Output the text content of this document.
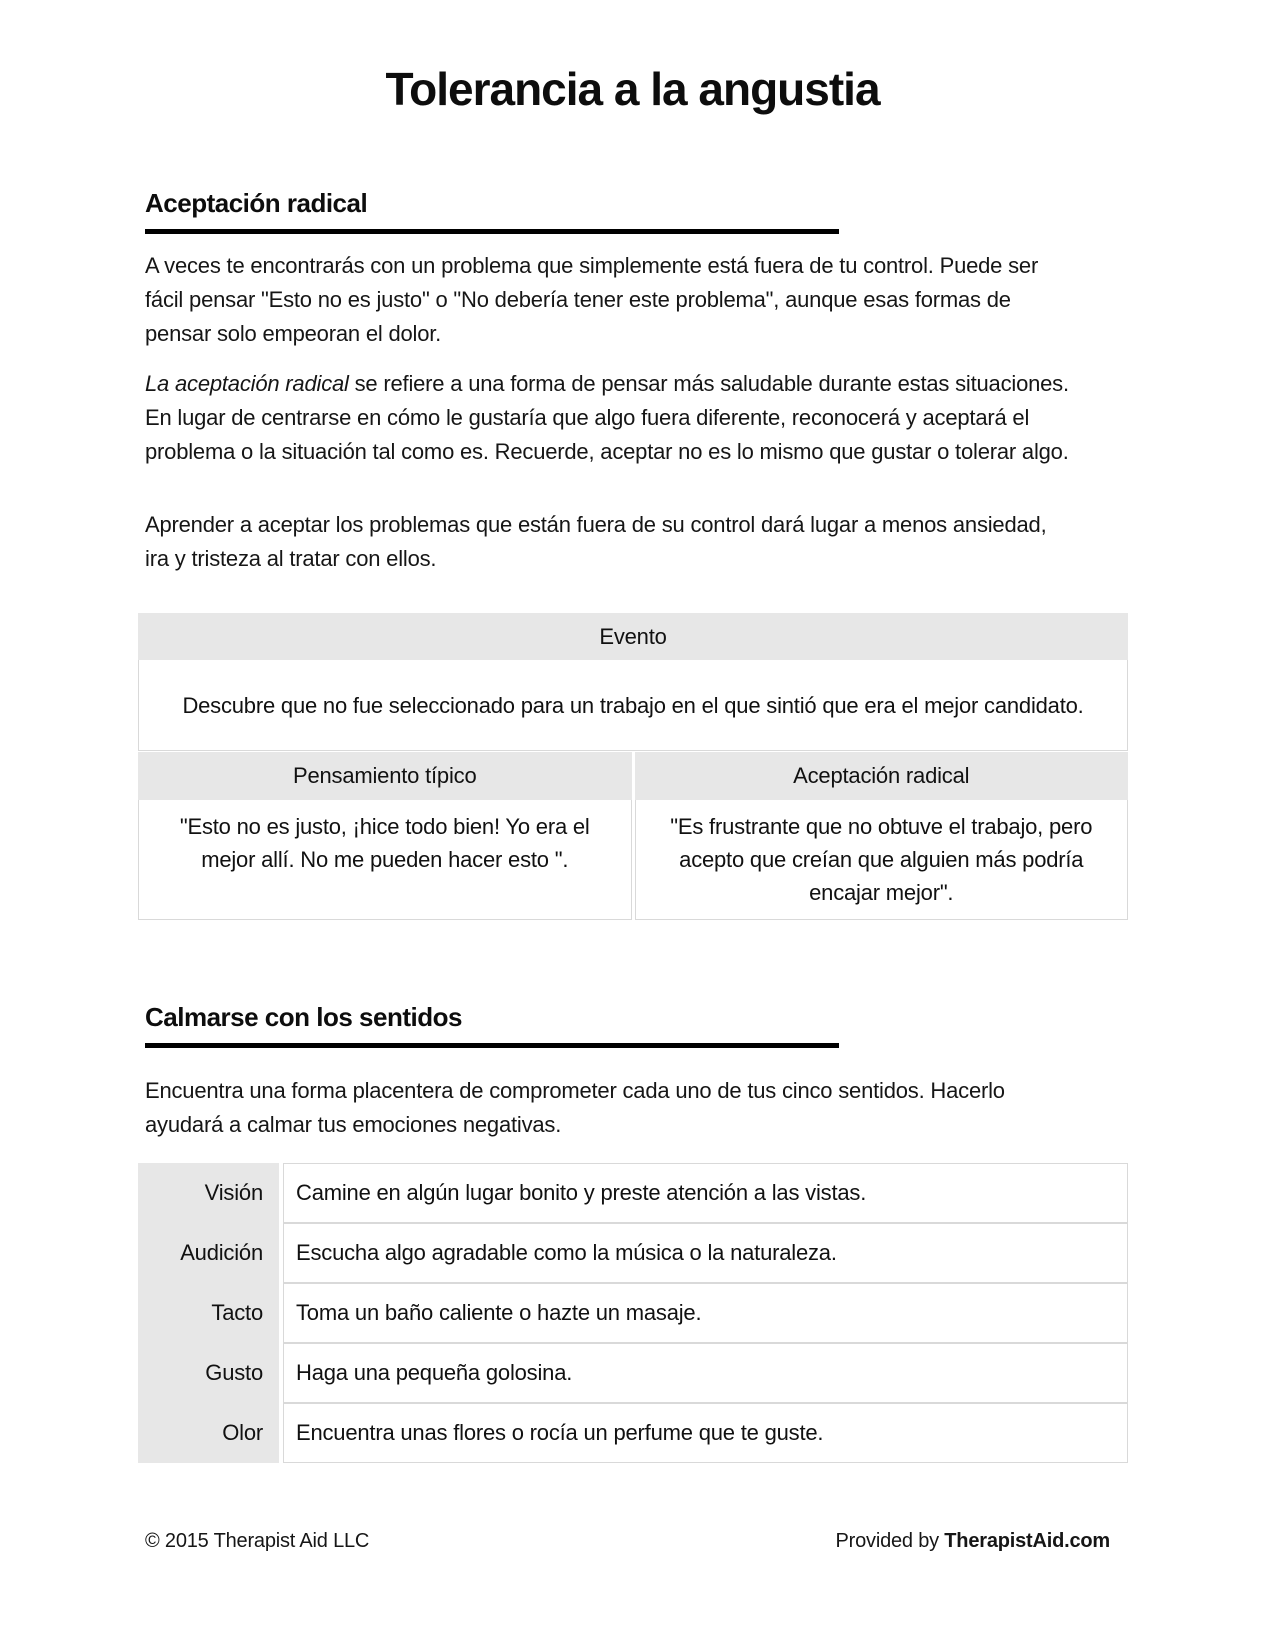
Tolerancia a la angustia
Aceptación radical

A veces te encontrarás con un problema que simplemente está fuera de tu control. Puede ser fácil pensar "Esto no es justo" o "No debería tener este problema", aunque esas formas de pensar solo empeoran el dolor.

La aceptación radical se refiere a una forma de pensar más saludable durante estas situaciones. En lugar de centrarse en cómo le gustaría que algo fuera diferente, reconocerá y aceptará el problema o la situación tal como es. Recuerde, aceptar no es lo mismo que gustar o tolerar algo.

Aprender a aceptar los problemas que están fuera de su control dará lugar a menos ansiedad, ira y tristeza al tratar con ellos.

Evento
Descubre que no fue seleccionado para un trabajo en el que sintió que era el mejor candidato.
Pensamiento típico	Aceptación radical
"Esto no es justo, ¡hice todo bien! Yo era el mejor allí. No me pueden hacer esto ".
"Es frustrante que no obtuve el trabajo, pero acepto que creían que alguien más podría encajar mejor".
Calmarse con los sentidos

Encuentra una forma placentera de comprometer cada uno de tus cinco sentidos. Hacerlo ayudará a calmar tus emociones negativas.

Visión	Camine en algún lugar bonito y preste atención a las vistas.
Audición	Escucha algo agradable como la música o la naturaleza.
Tacto	Toma un baño caliente o hazte un masaje.
Gusto	Haga una pequeña golosina.
Olor	Encuentra unas flores o rocía un perfume que te guste.
© 2015 Therapist Aid LLC	Provided by TherapistAid.com
